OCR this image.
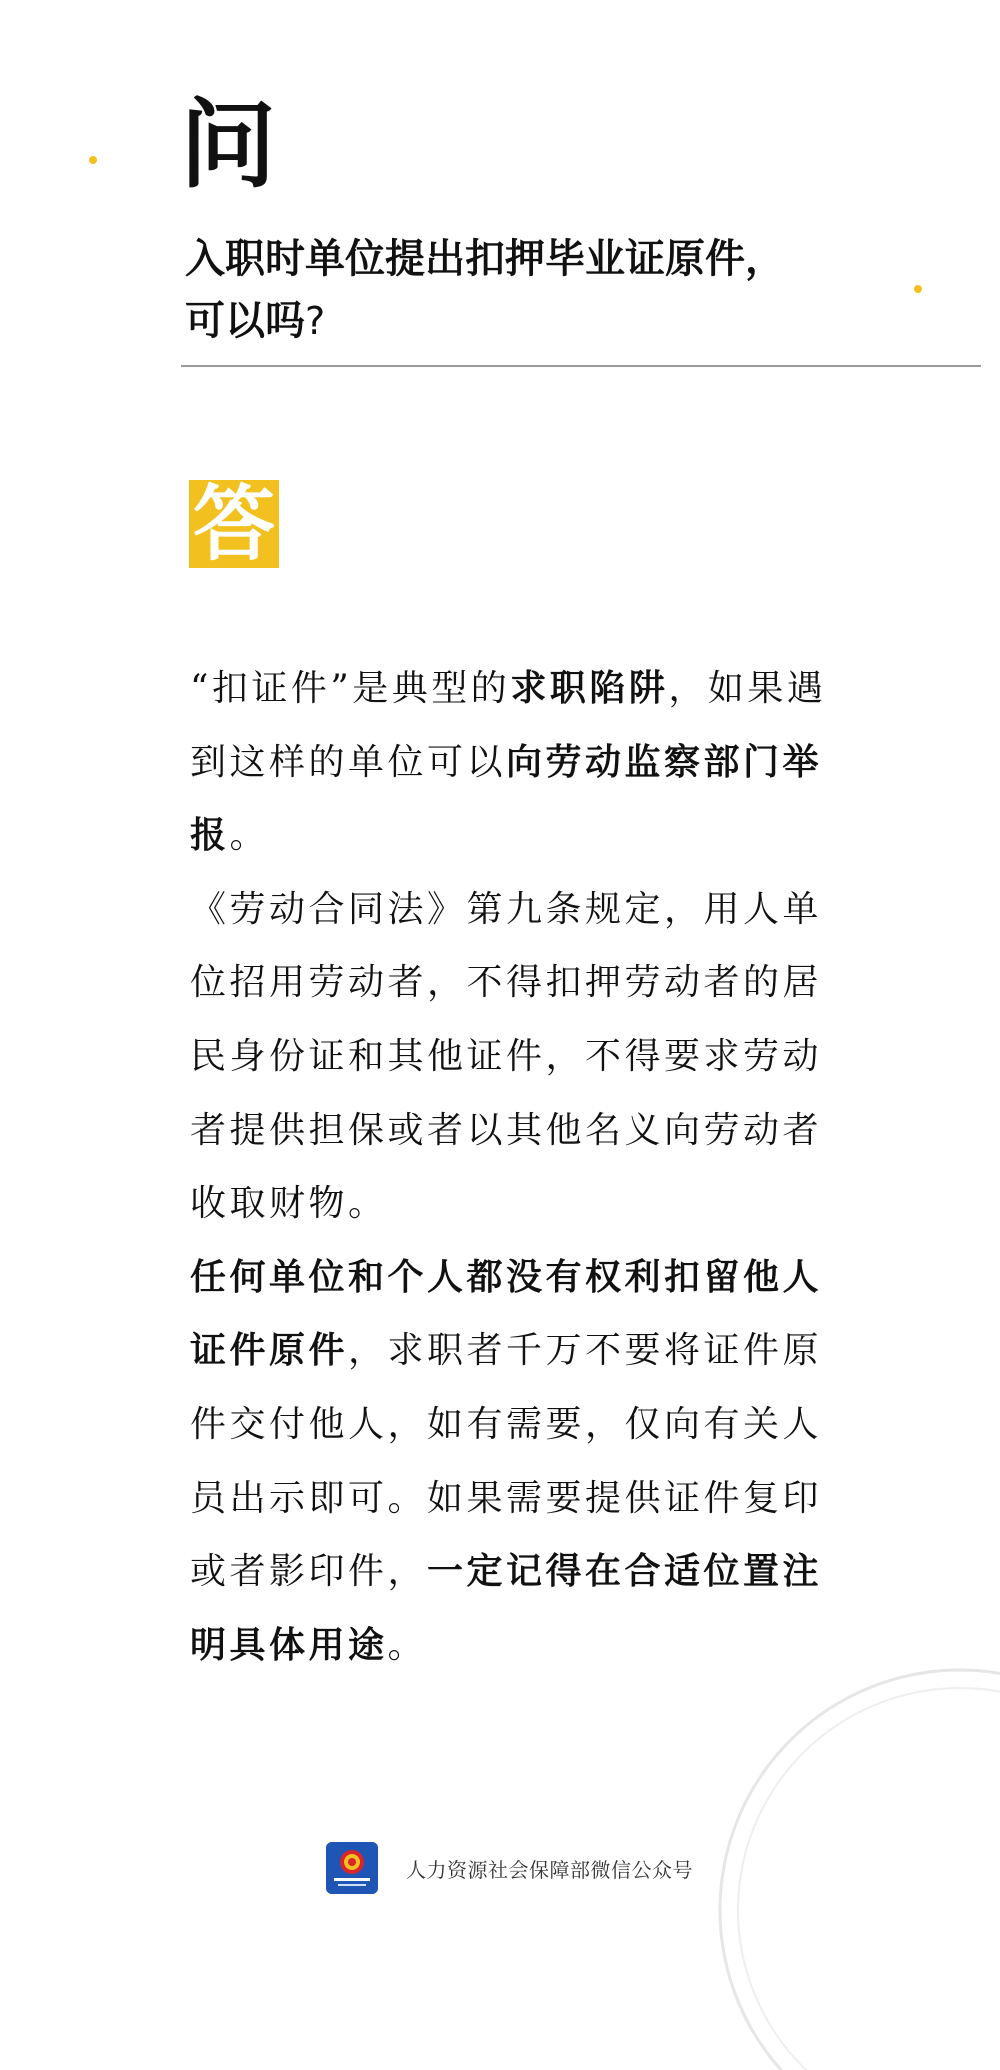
问
入职时单位提出扣押毕业证原件，
可以吗?
答

“扣证件”是典型的求职陷阱，如果遇到这样的单位可以向劳动监察部门举报。

《劳动合同法》第九条规定，用人单位招用劳动者，不得扣押劳动者的居民身份证和其他证件，不得要求劳动者提供担保或者以其他名义向劳动者收取财物。

任何单位和个人都没有权利扣留他人证件原件，求职者千万不要将证件原件交付他人，如有需要，仅向有关人员出示即可。如果需要提供证件复印或者影印件，一定记得在合适位置注明具体用途。

人力资源社会保障部微信公众号
